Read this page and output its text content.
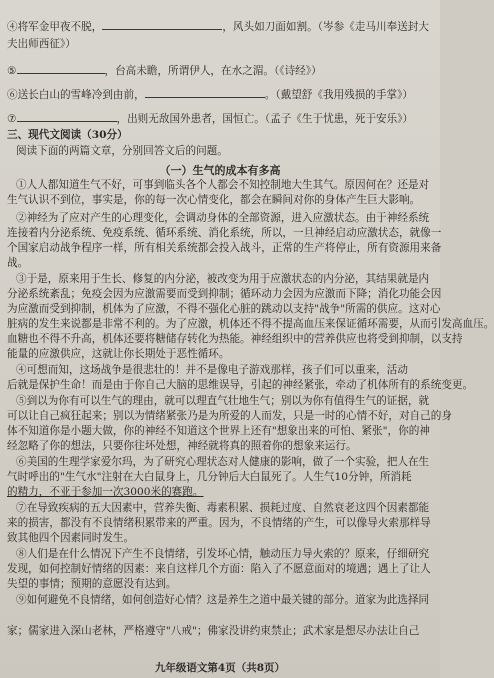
④将军金甲夜不脱，	，风头如刀面如割。（岑参《走马川奉送封大
夫出师西征》）
⑤	，台高未瞻，所谓伊人，在水之湄。（《诗经》）
⑥送长白山的雪峰冷到由前，	。（戴望舒《我用残损的手掌》）
⑦	，出则无敌国外患者，国恒亡。（孟子《生于忧患，死于安乐》）
三、现代文阅读（30分）
阅读下面的两篇文章，分别回答文后的问题。
（一）生气的成本有多高
①人人都知道生气不好，可事到临头各个人都会不知控制地大生其气。原因何在？还是对
生气认识不到位，事实是，你的每一次心情变化，都会在瞬间对你的身体产生巨大影响。
②神经为了应对产生的心理变化，会调动身体的全部资源，进入应激状态。由于神经系统
连接着内分泌系统、免疫系统、循环系统、消化系统，所以，一旦神经启动应激状态，就像一
个国家启动战争程序一样，所有相关系统都会投入战斗，正常的生产将停止，所有资源用来备
战。
③于是，原来用于生长、修复的内分泌，被改变为用于应激状态的内分泌，其结果就是内
分泌系统紊乱；免疫会因为应激需要而受到抑制；循环动力会因为应激而下降；消化功能会因
为应激而受到抑制，机体为了应激，不得不强化心脏的跳动以支持"战争"所需的供应。这对心
脏病的发生来说都是非常不利的。为了应激，机体还不得不提高血压来保证循环需要，从而引发高血压。
血糖也不得不升高，机体还要将糖储存转化为热能。神经组织中的营养供应也将受到抑制，以支持
能量的应激供应，这就让你长期处于恶性循环。
④可想而知，这场战争是很悲壮的！并不是像电子游戏那样，孩子们可以重来，活动
后就是保护生命！而是由于你自己大脑的思维误导，引起的神经紧张，牵动了机体所有的系统变更。
⑤到以为你有可以生气的理由，就可以理直气壮地生气；别以为你有值得生气的证据，就
可以让自己疯狂起来；别以为情绪紧张乃是为所爱的人而发，只是一时的心情不好，对自己的身
体不知道你是小题大做，你的神经不知道这个世界上还有"想象出来的可怕、紧张"，你的神
经忽略了你的想法，只要你往坏处想，神经就将真的照着你的想象来运行。
⑥美国的生理学家爱尔玛，为了研究心理状态对人健康的影响，做了一个实验，把人在生
气时呼出的"生气水"注射在大白鼠身上，几分钟后大白鼠死了。人生气10分钟，所消耗
的精力，不亚于参加一次3000米的赛跑。
⑦在导致疾病的五大因素中，营养失衡、毒素积累、损耗过度、自然衰老这四个因素都能
来的损害，都没有不良情绪积累带来的严重。因为，不良情绪的产生，可以像导火索那样导
致其他四个因素同时发生。
⑧人们是在什么情况下产生不良情绪，引发坏心情，触动压力导火索的？原来，仔细研究
发现，如何控制好情绪的因素：来自这样几个方面：陷入了不愿意面对的境遇；遇上了让人
失望的事情；预期的意愿没有达到。
⑨如何避免不良情绪，如何创造好心情？这是养生之道中最关键的部分。道家为此选择同
家；儒家进入深山老林，严格遵守"八戒"；佛家没讲约束禁止；武术家是想尽办法让自己
九年级语文第4页（共8页）
